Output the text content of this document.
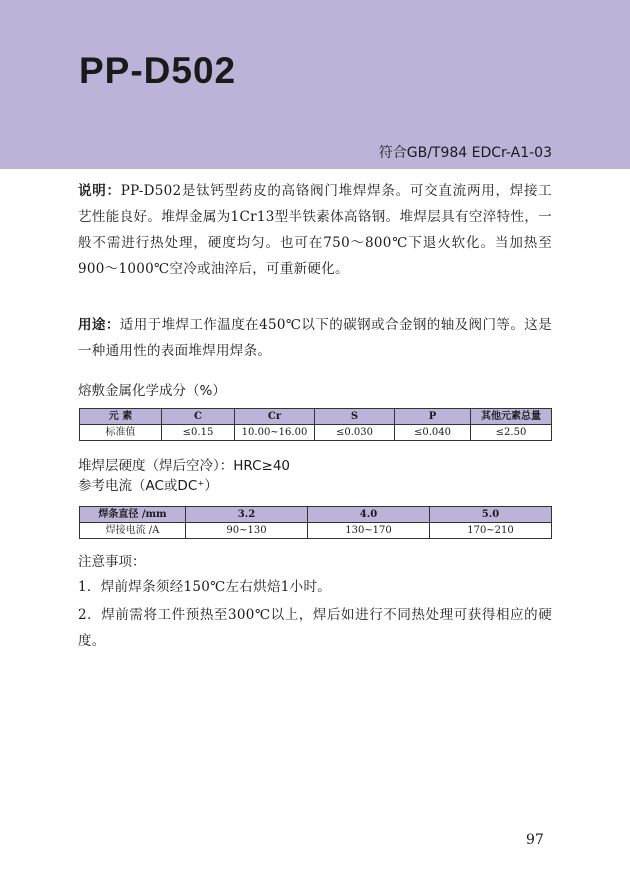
PP-D502
符合GB/T984 EDCr-A1-03

说明：PP-D502是钛钙型药皮的高铬阀门堆焊焊条。可交直流两用，焊接工艺性能良好。堆焊金属为1Cr13型半铁素体高铬钢。堆焊层具有空淬特性，一般不需进行热处理，硬度均匀。也可在750～800℃下退火软化。当加热至900～1000℃空冷或油淬后，可重新硬化。

用途：适用于堆焊工作温度在450℃以下的碳钢或合金钢的轴及阀门等。这是一种通用性的表面堆焊用焊条。

熔敷金属化学成分（%）
元 素	C	Cr	S	P	其他元素总量
标准值	≤0.15	10.00~16.00	≤0.030	≤0.040	≤2.50
堆焊层硬度（焊后空冷）：HRC≥40
参考电流（AC或DC⁺）
焊条直径 /mm	3.2	4.0	5.0
焊接电流 /A	90~130	130~170	170~210
注意事项：

1．焊前焊条须经150℃左右烘焙1小时。

2．焊前需将工件预热至300℃以上，焊后如进行不同热处理可获得相应的硬度。

97
